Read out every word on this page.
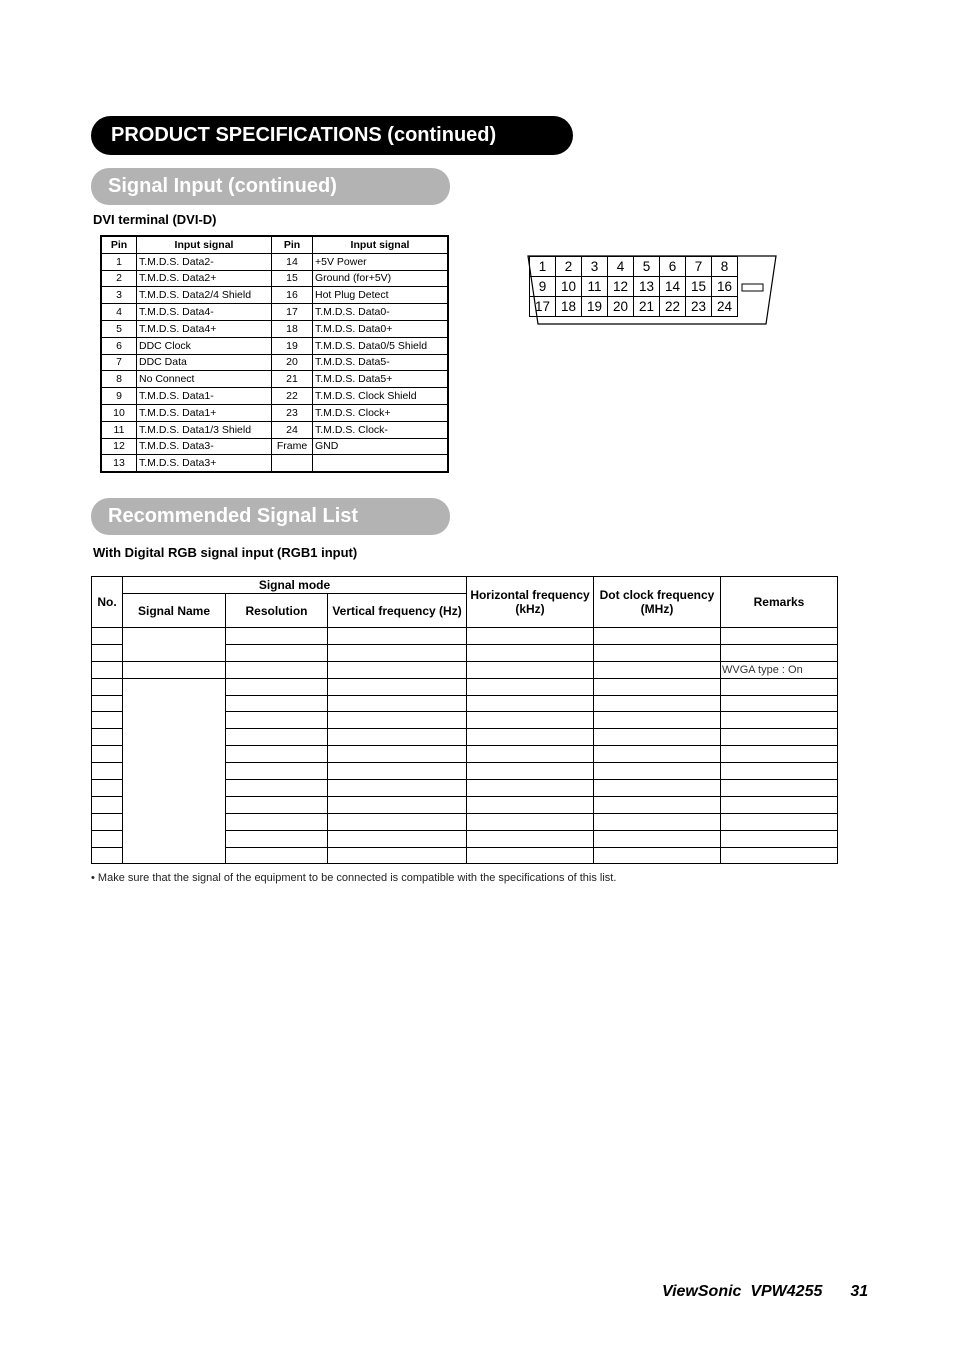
PRODUCT SPECIFICATIONS (continued)
Signal Input (continued)
DVI terminal (DVI-D)
Pin	Input signal	Pin	Input signal
1	T.M.D.S. Data2-	14	+5V Power
2	T.M.D.S. Data2+	15	Ground (for+5V)
3	T.M.D.S. Data2/4 Shield	16	Hot Plug Detect
4	T.M.D.S. Data4-	17	T.M.D.S. Data0-
5	T.M.D.S. Data4+	18	T.M.D.S. Data0+
6	DDC Clock	19	T.M.D.S. Data0/5 Shield
7	DDC Data	20	T.M.D.S. Data5-
8	No Connect	21	T.M.D.S. Data5+
9	T.M.D.S. Data1-	22	T.M.D.S. Clock Shield
10	T.M.D.S. Data1+	23	T.M.D.S. Clock+
11	T.M.D.S. Data1/3 Shield	24	T.M.D.S. Clock-
12	T.M.D.S. Data3-	Frame	GND
13	T.M.D.S. Data3+		
1	2	3	4	5	6	7	8
9	10	11	12	13	14	15	16
17	18	19	20	21	22	23	24
Recommended Signal List
With Digital RGB signal input (RGB1 input)
No.	Signal mode			Horizontal frequency (kHz)	Dot clock frequency (MHz)	Remarks
	Signal Name	Resolution	Vertical frequency (Hz)			

						WVGA type : On

• Make sure that the signal of the equipment to be connected is compatible with the specifications of this list.
ViewSonic  VPW4255 31
